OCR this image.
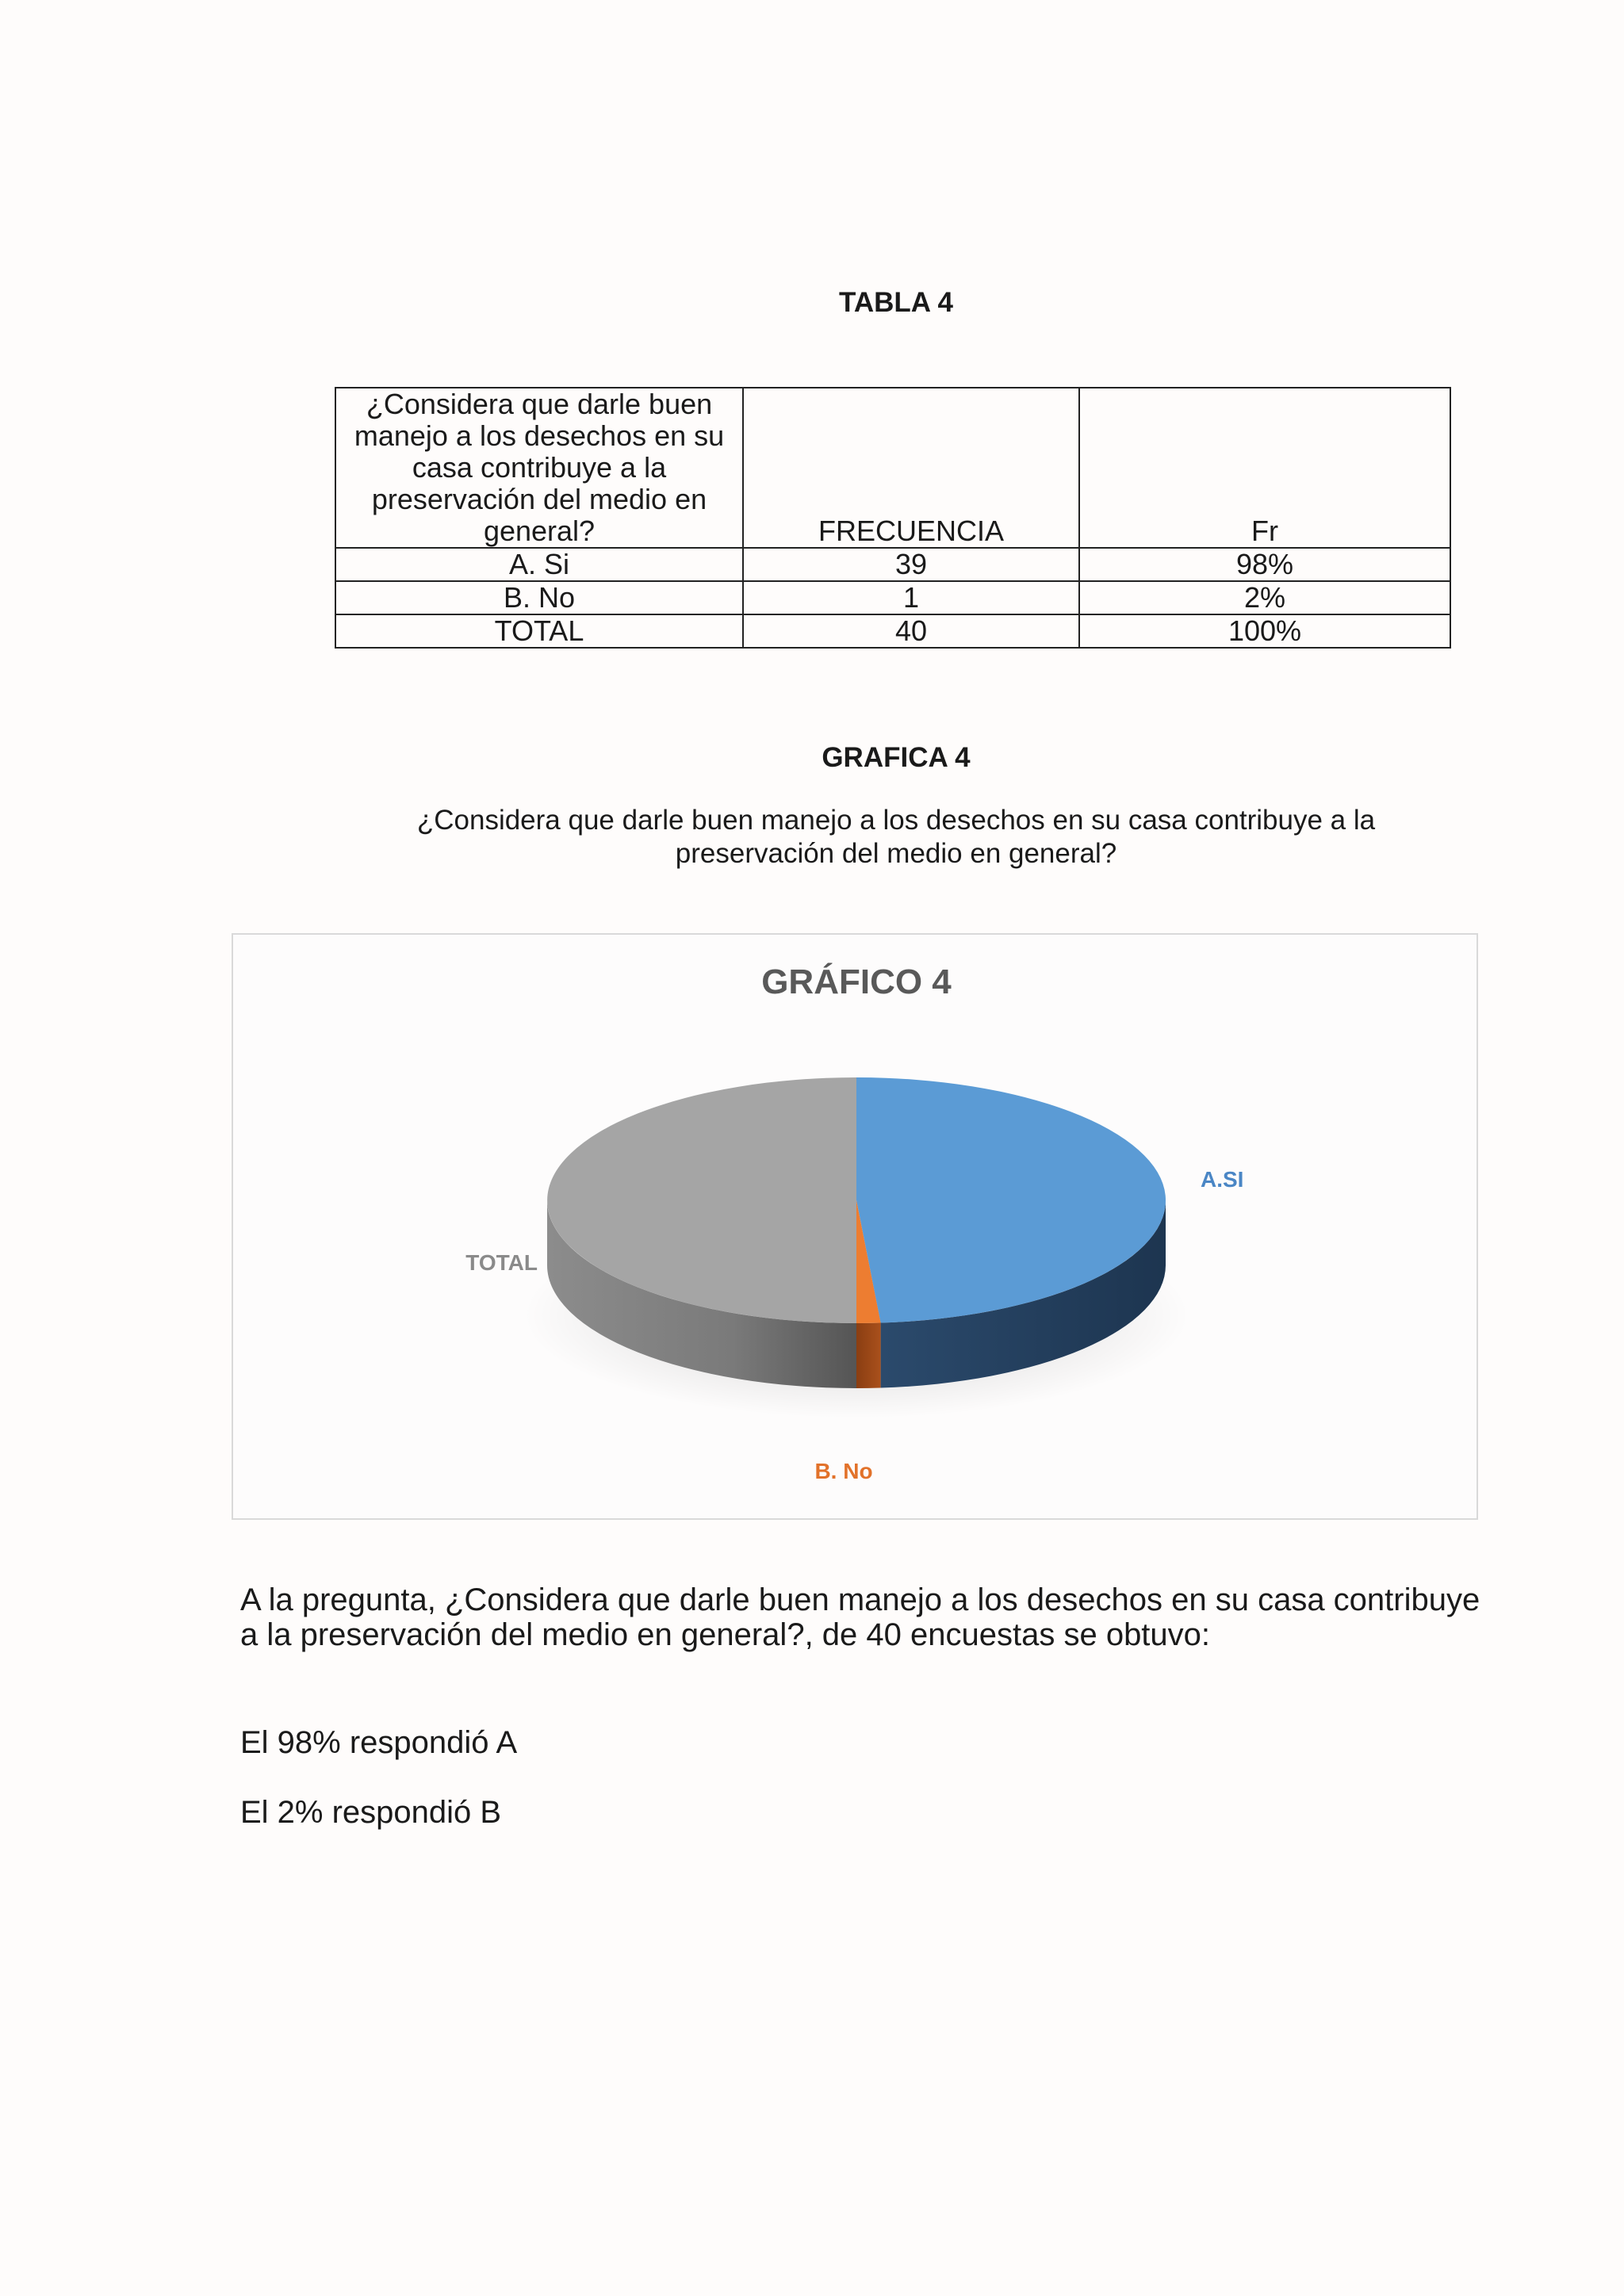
TABLA 4
¿Considera que darle buen manejo a los desechos en su casa contribuye a la preservación del medio en general?	FRECUENCIA	Fr
A. Si	39	98%
B. No	1	2%
TOTAL	40	100%
GRAFICA 4
¿Considera que darle buen manejo a los desechos en su casa contribuye a la
preservación del medio en general?
GRÁFICO 4
A.SI
B. No
TOTAL

A la pregunta, ¿Considera que darle buen manejo a los desechos en su casa contribuye a la preservación del medio en general?, de 40 encuestas se obtuvo:

El 98% respondió A
El 2% respondió B
